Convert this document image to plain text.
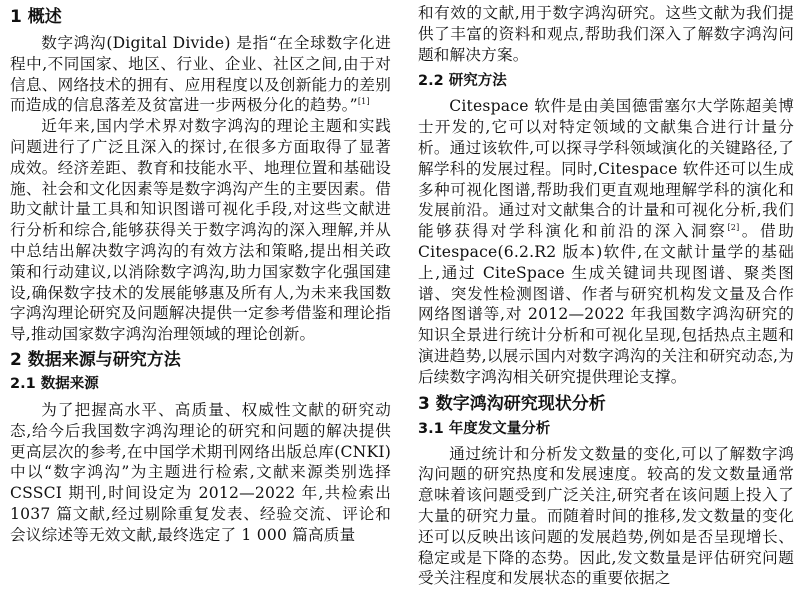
1 概述

数字鸿沟(Digital Divide) 是指“在全球数字化进程中,不同国家、地区、行业、企业、社区之间,由于对信息、网络技术的拥有、应用程度以及创新能力的差别而造成的信息落差及贫富进一步两极分化的趋势。”[1]

近年来,国内学术界对数字鸿沟的理论主题和实践问题进行了广泛且深入的探讨,在很多方面取得了显著成效。经济差距、教育和技能水平、地理位置和基础设施、社会和文化因素等是数字鸿沟产生的主要因素。借助文献计量工具和知识图谱可视化手段,对这些文献进行分析和综合,能够获得关于数字鸿沟的深入理解,并从中总结出解决数字鸿沟的有效方法和策略,提出相关政策和行动建议,以消除数字鸿沟,助力国家数字化强国建设,确保数字技术的发展能够惠及所有人,为未来我国数字鸿沟理论研究及问题解决提供一定参考借鉴和理论指导,推动国家数字鸿沟治理领域的理论创新。

2 数据来源与研究方法
2.1 数据来源

为了把握高水平、高质量、权威性文献的研究动态,给今后我国数字鸿沟理论的研究和问题的解决提供更高层次的参考,在中国学术期刊网络出版总库(CNKI) 中以“数字鸿沟”为主题进行检索,文献来源类别选择 CSSCI 期刊,时间设定为 2012—2022 年,共检索出1037 篇文献,经过剔除重复发表、经验交流、评论和会议综述等无效文献,最终选定了 1 000 篇高质量

和有效的文献,用于数字鸿沟研究。这些文献为我们提供了丰富的资料和观点,帮助我们深入了解数字鸿沟问题和解决方案。

2.2 研究方法

Citespace 软件是由美国德雷塞尔大学陈超美博士开发的,它可以对特定领域的文献集合进行计量分析。通过该软件,可以探寻学科领域演化的关键路径,了解学科的发展过程。同时,Citespace 软件还可以生成多种可视化图谱,帮助我们更直观地理解学科的演化和发展前沿。通过对文献集合的计量和可视化分析,我们能够获得对学科演化和前沿的深入洞察[2]。借助 Citespace(6.2.R2 版本)软件,在文献计量学的基础上,通过 CiteSpace 生成关键词共现图谱、聚类图谱、突发性检测图谱、作者与研究机构发文量及合作网络图谱等,对 2012—2022 年我国数字鸿沟研究的知识全景进行统计分析和可视化呈现,包括热点主题和演进趋势,以展示国内对数字鸿沟的关注和研究动态,为后续数字鸿沟相关研究提供理论支撑。

3 数字鸿沟研究现状分析
3.1 年度发文量分析

通过统计和分析发文数量的变化,可以了解数字鸿沟问题的研究热度和发展速度。较高的发文数量通常意味着该问题受到广泛关注,研究者在该问题上投入了大量的研究力量。而随着时间的推移,发文数量的变化还可以反映出该问题的发展趋势,例如是否呈现增长、稳定或是下降的态势。因此,发文数量是评估研究问题受关注程度和发展状态的重要依据之
